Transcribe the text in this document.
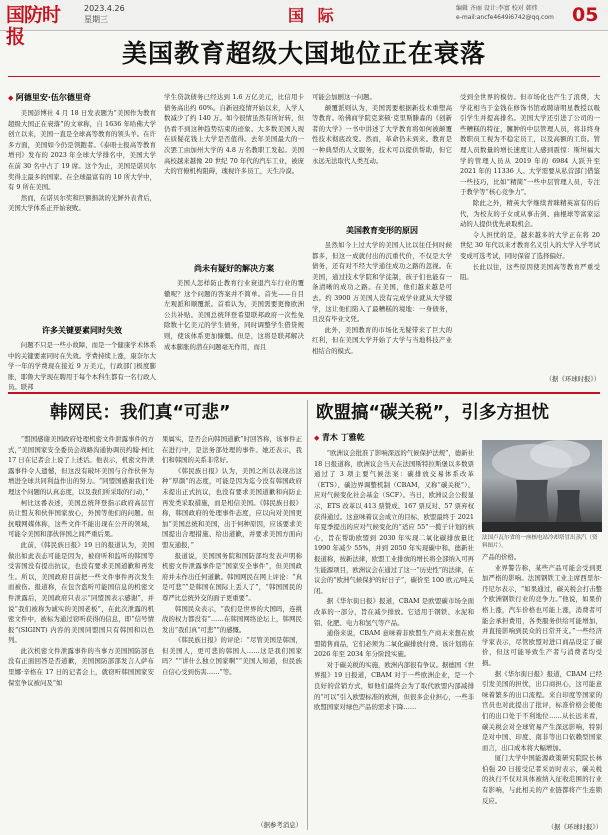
国防时报
2023.4.26
星期三	国 际	编辑 齐丽 设计:李富 校对 韩炜
e-mail:ancfe4649i6742@qq.com 05
美国教育超级大国地位正在衰落
◆ 阿德里安·伍尔德里奇

美国彭博社 4 月 18 日发表题为“美国作为教育超级大国正在衰落”的文章称，自 1636 年哈佛大学创立以来，美国一直是全球高等教育的领头羊。在许多方面，美国如今仍是领跑者。《泰晤士报高等教育增刊》发布的 2023 年全球大学排名中，美国大学在前 30 名中占了 19 席。这个为止，美国是诺贝尔奖得主最多的国家。在全球最富有的 10 所大学中，有 9 所在美国。

然而，在诺贝尔奖和巨额捐款的光鲜外表背后，美国大学体系正开始衰败。

许多关键要素同时失效

问题不只是一些小故障，而是一个健康学术体系中的关键要素同时在失效。学费持续上涨，康奈尔大学一年的学费现在接近 9 万美元，行政部门极度膨胀，耶鲁大学现在聘用于每个本科生都有一名行政人员。联邦

学生贷款债务已经达到 1.6 万亿美元，比信用卡债务高出约 60%。自新冠疫情开始以来，入学人数减少了约 140 万。如今很情虽然有所好转，但仍看不到这种趋势结束的迹象。大多数美国人现在质疑花钱上大学是否值得。去年美国最大的一次罢工由加州大学的 4.8 万名教职工发起。美国高校越来越像 20 世纪 70 年代的汽车工业，被庞大的官僚机构阻碍，瑰视许多员工，天生冷漠。

尚未有疑好的解决方案

美国人怎样防止教育行业衰退汽车行业的覆辙呢？这个问题的答案并不简单。首先——自目左观派和顺覆派。首看认为，美国需要更像欧洲公共补贴。美国总统拜登希望联邦政府一次性免除数十亿美元的学生债务，同时调整学生借贷规则，使该体系更加慷慨。但是，这将是联邦解决成本膨胀的潜在问题毫无作用，而且

可能会加剧这一问题。

颠覆派则认为，美国需要根据新技术重塑高等教育。哈佛商学院克莱顿·克里斯滕森的《创新者的大学》一书中讲述了大学教育将如何被颠覆性技术彻底改变。然而，革命仍未到来。教育是一种典型的人文服务，技术可以提供帮助，但它永远无法取代人类互动。

美国教育变形的原因

虽然如今上过大学的美国人比以往任何时候都多，但这一成就付出的沉重代价，不仅是大学债务，还有对不经大学通往成功之路的忽视。在美国，通过技术学院和学徒制，孩子们也能有一条清晰的成功之路。在美国，他们越来越是可去。约 3900 万美国人没有完成学业就从大学辍学，这让他们陷入了最糟糕的境地：一身债务，且没有毕业文凭。

此外，美国教育的市场化无疑带来了巨大的红利，但在美国大学开始了大学与当地科技产业相结合的模式。

受到全世界的模仿。但市场化也产生了浪费，大学花相当于金钱在修饰书馆或聘请明星教授以吸引学生并提高排名。美国大学还引进了公司的一些糟糕的特征，臃肿的中层管理人员，将非终身教职员工视为不稳定员工，以及高额的工资。管理人员数量的增长速度让人感到震惊：斯坦福大学的管理人员从 2019 年的 6984 人跃升至 2021 年的 11336 人。大学需要从私营部门借鉴一些技巧，比如“精简”一些中层管理人员，专注于教学等“核心竞争力”。

除此之外，精英大学继续青睐精英富有的后代，为校友的子女或从事击剑、曲棍球等富家运动的人提供优先录取机会。

令人担忧的是，越来越多的大学正在将 20 世纪 30 年代以来才教育名义引入的大学入学考试变成可选考试，同时保留了选择偏好。

长此以往，这些原因使美国高等教育严重受阻。

（据《环球时报》）
韩网民：我们真“可悲”

“盟国感谢美国政府处理机密文件泄露事件的方式，”美国国家安全委员会战略沟通协调员约翰·柯比 17 日在记者会上说了上述话。他表示，机密文件泄露事件令人遗憾，但这没有破坏美国与合作伙伴为增进全球共同利益作出的努力。“同盟国感谢我们处理这个问题的认真态度，以及我们所采取的行动，”

柯比这番表述，美国总统拜登指示政府高层官员让盟友和伙伴国家放心，外国等他们的问题。但抗哦网媒体称，这些文件不能出现在公开的领域，可能令美国和部伙伴国之间严重后果。

此前，《韩民族日报》19 日的报道认为，美国做出如此表态可能是因为，被窃听和监听的韩国等受害国没有提出抗议，也没有要求美国道歉和再发生。所以，美国政府目前把一些文件事件再次发生而被伤。报道称，在包含盗听可能国信息的机密文件泄露后，美国政府只表示“同盟国表示感谢”，并说“我们被称为诚实的美国老板”，在此次泄露的机密文件中，被标为通过窃听获得的信息，即“信号情报”(SIGINT) 内容的美国同盟国只有韩国和以色列。

此次机密文件泄露事件的当事方美国国防部也没有正面回答是否道歉，美国国防部部发言人萨布里娜·辛格在 17 日的记者会上，就窃听韩国国家安保室争议被问及“如

果属实，是否会向韩国道歉”时回答称，该事件正在进行中，是法务部处理的事件。她还表示，我们和韩国的关系非常好。

《韩民族日报》认为，美国之所以表现出这种“厚颜”的态度，可能是因为迄今没有韩国政府未提出正式抗议，也没有要求美国道歉和向防止再发类采取措施，而是相信美国。《韩民族日报》称，韩国政府的处理事件态度，应以向对美国更加“美国总统和美国，出于何种原因，应该要求美国提出合理措施、给出道歉，并要求美国方面向盟友通报，”

报道说，美国国务院和国防部均发表声明称机密文件泄露事件是“国家安全事件”，但美国政府并未作出任何道歉。韩国网民在网上评论：“真是可悲”“是韩国在国际上丢人了”，“韩国国民的尊严比总统外交的面子更重要”。

韩国民众表示，“我们是世界的大国吗，连挑战的权力都没有”……在韩国网络论坛上，韩网民发出“我们真“可悲””的感慨。

《韩民族日报》的评论：“尽管美国是韩国，但美国人，更可悲的韩国人……这是我们国家吗？”“讲什么独立国家啊”“美国人知道，但民族自信心受到伤害……”等。

（据参考消息）
欧盟搞“碳关税”，引多方担忧
◆ 青木 丁雅乾

“欧洲议会批准了影响深远的气候保护法规”，德新社 18 日报道称，欧洲议会当天在法国斯特拉斯堡以多数票通过了 3 项主要气候法案：碳排放交易体系改革（ETS）、碳边界调整机制（CBAM，又称“碳关税”）、应对气候变化社会基金（SCF）。当日，欧洲议会公报显示，ETS 改革以 413 票赞成、167 票反对、57 票弃权获得通过。这意味着议会成立的目标，欧盟最终于 2021 年夏季提出的应对气候变化的“适应 55”一揽子计划的核心，旨在帮助欧盟到 2030 年实现二氧化碳排放量比 1990 年减少 55%，并到 2050 年实现碳中和。德新社报道称，按新法律，欧盟工业排放的增长将全部纳入可再生能源项目，欧洲议会在通过了这一“历史性”的法律，在议会的“欧洲气候保护的好日子”，碳价至 100 欧元/吨关闭。

据《华尔街日报》报道，CBAM 是欧盟碳市场全面改革的一部分，旨在减少排放。它适用于钢铁、水泥和铝、化肥、电力和氢气等产品。

通俗来说，CBAM 意味着非欧盟生产商未来想在欧盟销售商品，它们必须为二氧化碳排放付费。该计划将在 2026 年至 2034 年分阶段实施。

对于碳关税的实施，欧洲内部很有争议。据德国《世界报》19 日报道，CBAM 对于一些欧洲企业，是一个良好的营销方式，如他们最终会为了取代欧盟内部减排的“可以”引入欧盟标准的欧洲，但很多企业担心，一些非欧盟国家对绿色产品的需求下降……

法国卢瓦尔省的一座核电站冷却塔冒出蒸汽（资料图片）。

产品的价格。

业界警告称，某些产品可能会受到更加严格的影响。法国钢铁工业主席西里尔·丹尼尔表示，“如果通过，碳关税会打击整个欧洲钢铁行业的竞争力。”他说，如果价格上涨，汽车价格也可能上涨，消费者可能会承担费用，各类服务供给可能增加，并直接影响到民众的日常开支。”一些经济学家表示，尽管欧盟对进口商品设定了碳价，但这可能导致生产者与消费者均受损。

据《华尔街日报》报道，CBAM 已经引发美国的担忧，出口商担心，这可能意味着繁多的出口流程。来自印度等国家的官员也对此提出了批评，标准价格会使他们的出口处于不利地位……从长远来看，碳关税会对全球贸易产生深远影响，特别是对中国、印度、南非等出口依赖型国家而言，出口成本将大幅增加。

厦门大学中国能源政策研究院院长林伯强 20 日接受记者采访时表示，碳关税的执行不仅对具体被纳入征收范围的行业有影响，与此相关的产业链都将产生连锁反应。

（据《环球时报》）
